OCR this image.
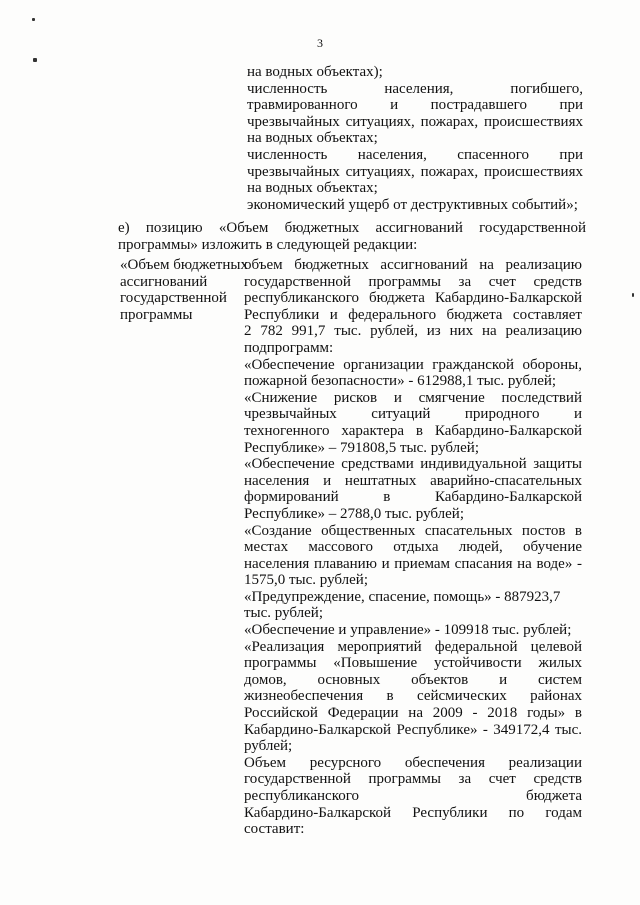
3
на водных объектах);
численность населения, погибшего,
травмированного и пострадавшего при
чрезвычайных ситуациях, пожарах, происшествиях
на водных объектах;
численность населения, спасенного при
чрезвычайных ситуациях, пожарах, происшествиях
на водных объектах;
экономический ущерб от деструктивных событий»;
е) позицию «Объем бюджетных ассигнований государственной
программы» изложить в следующей редакции:
«Объем бюджетных
ассигнований
государственной
программы
объем бюджетных ассигнований на реализацию
государственной программы за счет средств
республиканского бюджета Кабардино-Балкарской
Республики и федерального бюджета составляет
2 782 991,7 тыс. рублей, из них на реализацию
подпрограмм:
«Обеспечение организации гражданской обороны,
пожарной безопасности» - 612988,1 тыс. рублей;
«Снижение рисков и смягчение последствий
чрезвычайных ситуаций природного и
техногенного характера в Кабардино-Балкарской
Республике» – 791808,5 тыс. рублей;
«Обеспечение средствами индивидуальной защиты
населения и нештатных аварийно-спасательных
формирований в Кабардино-Балкарской
Республике» – 2788,0 тыс. рублей;
«Создание общественных спасательных постов в
местах массового отдыха людей, обучение
населения плаванию и приемам спасания на воде» -
1575,0 тыс. рублей;
«Предупреждение, спасение, помощь» - 887923,7
тыс. рублей;
«Обеспечение и управление» - 109918 тыс. рублей;
«Реализация мероприятий федеральной целевой
программы «Повышение устойчивости жилых
домов, основных объектов и систем
жизнеобеспечения в сейсмических районах
Российской Федерации на 2009 - 2018 годы» в
Кабардино-Балкарской Республике» - 349172,4 тыс.
рублей;
Объем ресурсного обеспечения реализации
государственной программы за счет средств
республиканского бюджета
Кабардино-Балкарской Республики по годам
составит:
